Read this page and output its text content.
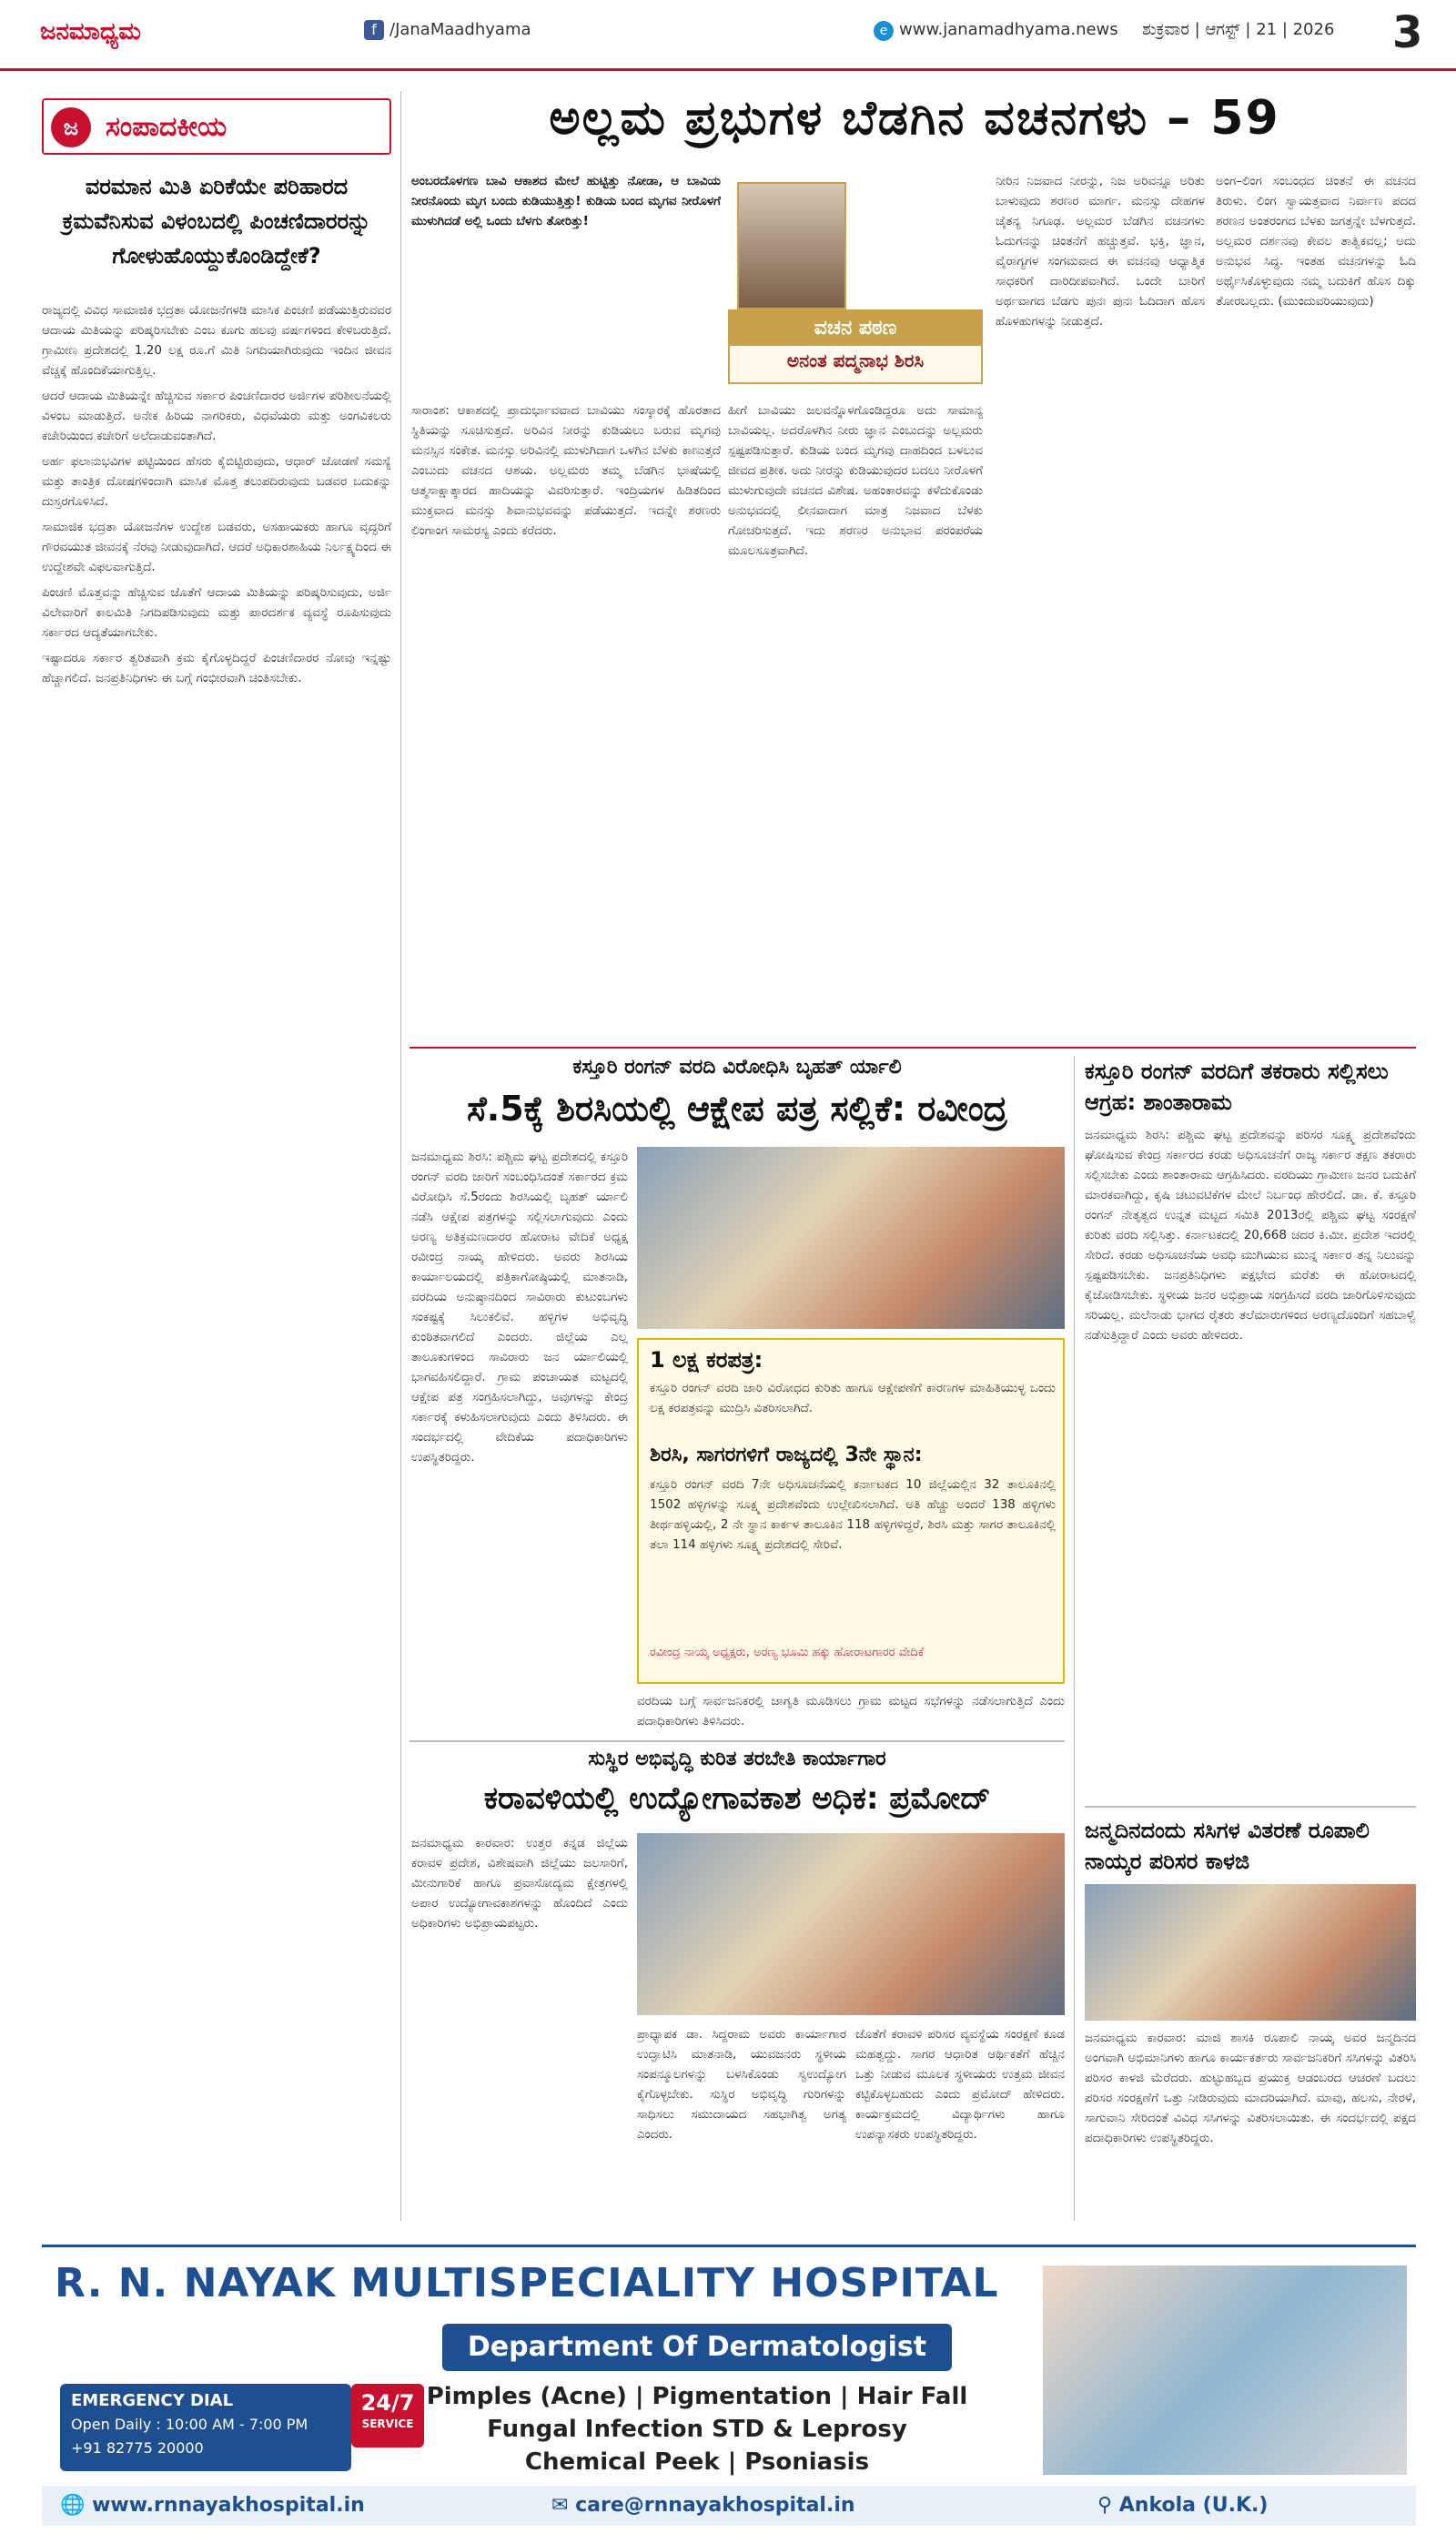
ಜನಮಾಧ್ಯಮ	f /JanaMaadhyama	e www.janamadhyama.news ಶುಕ್ರವಾರ | ಆಗಸ್ಟ್ | 21 | 2026 3
ಜ ಸಂಪಾದಕೀಯ
ವರಮಾನ ಮಿತಿ ಏರಿಕೆಯೇ ಪರಿಹಾರದ ಕ್ರಮವೆನಿಸುವ ವಿಳಂಬದಲ್ಲಿ ಪಿಂಚಣಿದಾರರನ್ನು ಗೋಳುಹೊಯ್ದುಕೊಂಡಿದ್ದೇಕೆ?

ರಾಜ್ಯದಲ್ಲಿ ವಿವಿಧ ಸಾಮಾಜಿಕ ಭದ್ರತಾ ಯೋಜನೆಗಳಡಿ ಮಾಸಿಕ ಪಿಂಚಣಿ ಪಡೆಯುತ್ತಿರುವವರ ಆದಾಯ ಮಿತಿಯನ್ನು ಪರಿಷ್ಕರಿಸಬೇಕು ಎಂಬ ಕೂಗು ಹಲವು ವರ್ಷಗಳಿಂದ ಕೇಳಿಬರುತ್ತಿದೆ. ಗ್ರಾಮೀಣ ಪ್ರದೇಶದಲ್ಲಿ 1.20 ಲಕ್ಷ ರೂ.ಗೆ ಮಿತಿ ನಿಗದಿಯಾಗಿರುವುದು ಇಂದಿನ ಜೀವನ ವೆಚ್ಚಕ್ಕೆ ಹೊಂದಿಕೆಯಾಗುತ್ತಿಲ್ಲ.

ಆದರೆ ಆದಾಯ ಮಿತಿಯನ್ನೇ ಹೆಚ್ಚಿಸುವ ಸರ್ಕಾರ ಪಿಂಚಣಿದಾರರ ಅರ್ಜಿಗಳ ಪರಿಶೀಲನೆಯಲ್ಲಿ ವಿಳಂಬ ಮಾಡುತ್ತಿದೆ. ಅನೇಕ ಹಿರಿಯ ನಾಗರಿಕರು, ವಿಧವೆಯರು ಮತ್ತು ಅಂಗವಿಕಲರು ಕಚೇರಿಯಿಂದ ಕಚೇರಿಗೆ ಅಲೆದಾಡುವಂತಾಗಿದೆ.

ಅರ್ಹ ಫಲಾನುಭವಿಗಳ ಪಟ್ಟಿಯಿಂದ ಹೆಸರು ಕೈಬಿಟ್ಟಿರುವುದು, ಆಧಾರ್ ಜೋಡಣೆ ಸಮಸ್ಯೆ ಮತ್ತು ತಾಂತ್ರಿಕ ದೋಷಗಳಿಂದಾಗಿ ಮಾಸಿಕ ಮೊತ್ತ ತಲುಪದಿರುವುದು ಬಡವರ ಬದುಕನ್ನು ದುಸ್ತರಗೊಳಿಸಿದೆ.

ಸಾಮಾಜಿಕ ಭದ್ರತಾ ಯೋಜನೆಗಳ ಉದ್ದೇಶ ಬಡವರು, ಅಸಹಾಯಕರು ಹಾಗೂ ವೃದ್ಧರಿಗೆ ಗೌರವಯುತ ಜೀವನಕ್ಕೆ ನೆರವು ನೀಡುವುದಾಗಿದೆ. ಆದರೆ ಅಧಿಕಾರಶಾಹಿಯ ನಿರ್ಲಕ್ಷ್ಯದಿಂದ ಈ ಉದ್ದೇಶವೇ ವಿಫಲವಾಗುತ್ತಿದೆ.

ಪಿಂಚಣಿ ಮೊತ್ತವನ್ನು ಹೆಚ್ಚಿಸುವ ಜೊತೆಗೆ ಆದಾಯ ಮಿತಿಯನ್ನು ಪರಿಷ್ಕರಿಸುವುದು, ಅರ್ಜಿ ವಿಲೇವಾರಿಗೆ ಕಾಲಮಿತಿ ನಿಗದಿಪಡಿಸುವುದು ಮತ್ತು ಪಾರದರ್ಶಕ ವ್ಯವಸ್ಥೆ ರೂಪಿಸುವುದು ಸರ್ಕಾರದ ಆದ್ಯತೆಯಾಗಬೇಕು.

ಇಷ್ಟಾದರೂ ಸರ್ಕಾರ ತ್ವರಿತವಾಗಿ ಕ್ರಮ ಕೈಗೊಳ್ಳದಿದ್ದರೆ ಪಿಂಚಣಿದಾರರ ನೋವು ಇನ್ನಷ್ಟು ಹೆಚ್ಚಾಗಲಿದೆ. ಜನಪ್ರತಿನಿಧಿಗಳು ಈ ಬಗ್ಗೆ ಗಂಭೀರವಾಗಿ ಚಿಂತಿಸಬೇಕು.

ಅಲ್ಲಮ ಪ್ರಭುಗಳ ಬೆಡಗಿನ ವಚನಗಳು – 59
ಅಂಬರದೊಳಗಣ ಬಾವಿ ಆಕಾಶದ ಮೇಲೆ ಹುಟ್ಟಿತ್ತು ನೋಡಾ, ಆ ಬಾವಿಯ ನೀರನೊಂದು ಮೃಗ ಬಂದು ಕುಡಿಯುತ್ತಿತ್ತು! ಕುಡಿಯ ಬಂದ ಮೃಗವ ನೀರೊಳಗೆ ಮುಳುಗಿದಡೆ ಅಲ್ಲಿ ಒಂದು ಬೆಳಗು ತೋರಿತ್ತು!
ವಚನ ಪಠಣ
ಅನಂತ ಪದ್ಮನಾಭ ಶಿರಸಿ
ಸಾರಾಂಶ: ಆಕಾಶದಲ್ಲಿ ಪ್ರಾದುರ್ಭಾವವಾದ ಬಾವಿಯು ಸಂಸ್ಕಾರಕ್ಕೆ ಹೊರತಾದ ಸ್ಥಿತಿಯನ್ನು ಸೂಚಿಸುತ್ತದೆ. ಅರಿವಿನ ನೀರನ್ನು ಕುಡಿಯಲು ಬರುವ ಮೃಗವು ಮನಸ್ಸಿನ ಸಂಕೇತ. ಮನಸ್ಸು ಅರಿವಿನಲ್ಲಿ ಮುಳುಗಿದಾಗ ಒಳಗಿನ ಬೆಳಕು ಕಾಣುತ್ತದೆ ಎಂಬುದು ವಚನದ ಆಶಯ. ಅಲ್ಲಮರು ತಮ್ಮ ಬೆಡಗಿನ ಭಾಷೆಯಲ್ಲಿ ಆತ್ಮಸಾಕ್ಷಾತ್ಕಾರದ ಹಾದಿಯನ್ನು ವಿವರಿಸುತ್ತಾರೆ. ಇಂದ್ರಿಯಗಳ ಹಿಡಿತದಿಂದ ಮುಕ್ತವಾದ ಮನಸ್ಸು ಶಿವಾನುಭವವನ್ನು ಪಡೆಯುತ್ತದೆ. ಇದನ್ನೇ ಶರಣರು ಲಿಂಗಾಂಗ ಸಾಮರಸ್ಯ ಎಂದು ಕರೆದರು.
ಹೀಗೆ ಬಾವಿಯು ಜಲವನ್ನೊಳಗೊಂಡಿದ್ದರೂ ಅದು ಸಾಮಾನ್ಯ ಬಾವಿಯಲ್ಲ. ಅದರೊಳಗಿನ ನೀರು ಜ್ಞಾನ ಎಂಬುದನ್ನು ಅಲ್ಲಮರು ಸ್ಪಷ್ಟಪಡಿಸುತ್ತಾರೆ. ಕುಡಿಯ ಬಂದ ಮೃಗವು ದಾಹದಿಂದ ಬಳಲುವ ಜೀವದ ಪ್ರತೀಕ. ಅದು ನೀರನ್ನು ಕುಡಿಯುವುದರ ಬದಲು ನೀರೊಳಗೆ ಮುಳುಗುವುದೇ ವಚನದ ವಿಶೇಷ. ಅಹಂಕಾರವನ್ನು ಕಳೆದುಕೊಂಡು ಅನುಭವದಲ್ಲಿ ಲೀನವಾದಾಗ ಮಾತ್ರ ನಿಜವಾದ ಬೆಳಕು ಗೋಚರಿಸುತ್ತದೆ. ಇದು ಶರಣರ ಅನುಭಾವ ಪರಂಪರೆಯ ಮೂಲಸೂತ್ರವಾಗಿದೆ.
ನೀರಿನ ನಿಜವಾದ ನೀರನ್ನು, ನಿಜ ಅರಿವನ್ನೂ ಅರಿತು ಬಾಳುವುದು ಶರಣರ ಮಾರ್ಗ. ಮನಸ್ಸು ದೇಹಗಳ ಚೈತನ್ಯ ನಿಗೂಢ. ಅಲ್ಲಮರ ಬೆಡಗಿನ ವಚನಗಳು ಓದುಗನನ್ನು ಚಿಂತನೆಗೆ ಹಚ್ಚುತ್ತವೆ. ಭಕ್ತಿ, ಜ್ಞಾನ, ವೈರಾಗ್ಯಗಳ ಸಂಗಮವಾದ ಈ ವಚನವು ಆಧ್ಯಾತ್ಮಿಕ ಸಾಧಕರಿಗೆ ದಾರಿದೀಪವಾಗಿದೆ. ಒಂದೇ ಬಾರಿಗೆ ಅರ್ಥವಾಗದ ಬೆಡಗು ಪುನಃ ಪುನಃ ಓದಿದಾಗ ಹೊಸ ಹೊಳಹುಗಳನ್ನು ನೀಡುತ್ತದೆ.
ಅಂಗ–ಲಿಂಗ ಸಂಬಂಧದ ಚಿಂತನೆ ಈ ವಚನದ ತಿರುಳು. ಲಿಂಗ ಸ್ವಾಯತ್ತವಾದ ನಿರ್ವಾಣ ಪದದ ಶರಣನ ಅಂತರಂಗದ ಬೆಳಕು ಜಗತ್ತನ್ನೇ ಬೆಳಗುತ್ತದೆ. ಅಲ್ಲಮರ ದರ್ಶನವು ಕೇವಲ ತಾತ್ವಿಕವಲ್ಲ; ಅದು ಅನುಭವ ಸಿದ್ಧ. ಇಂತಹ ವಚನಗಳನ್ನು ಓದಿ ಅರ್ಥೈಸಿಕೊಳ್ಳುವುದು ನಮ್ಮ ಬದುಕಿಗೆ ಹೊಸ ದಿಕ್ಕು ತೋರಬಲ್ಲದು. (ಮುಂದುವರಿಯುವುದು)
ಕಸ್ತೂರಿ ರಂಗನ್ ವರದಿ ವಿರೋಧಿಸಿ ಬೃಹತ್ ರ್ಯಾಲಿ
ಸೆ.5ಕ್ಕೆ ಶಿರಸಿಯಲ್ಲಿ ಆಕ್ಷೇಪ ಪತ್ರ ಸಲ್ಲಿಕೆ: ರವೀಂದ್ರ
ಜನಮಾಧ್ಯಮ ಶಿರಸಿ: ಪಶ್ಚಿಮ ಘಟ್ಟ ಪ್ರದೇಶದಲ್ಲಿ ಕಸ್ತೂರಿ ರಂಗನ್ ವರದಿ ಜಾರಿಗೆ ಸಂಬಂಧಿಸಿದಂತೆ ಸರ್ಕಾರದ ಕ್ರಮ ವಿರೋಧಿಸಿ ಸೆ.5ರಂದು ಶಿರಸಿಯಲ್ಲಿ ಬೃಹತ್ ರ್ಯಾಲಿ ನಡೆಸಿ ಆಕ್ಷೇಪ ಪತ್ರಗಳನ್ನು ಸಲ್ಲಿಸಲಾಗುವುದು ಎಂದು ಅರಣ್ಯ ಅತಿಕ್ರಮಣದಾರರ ಹೋರಾಟ ವೇದಿಕೆ ಅಧ್ಯಕ್ಷ ರವೀಂದ್ರ ನಾಯ್ಕ ಹೇಳಿದರು. ಅವರು ಶಿರಸಿಯ ಕಾರ್ಯಾಲಯದಲ್ಲಿ ಪತ್ರಿಕಾಗೋಷ್ಠಿಯಲ್ಲಿ ಮಾತನಾಡಿ, ವರದಿಯ ಅನುಷ್ಠಾನದಿಂದ ಸಾವಿರಾರು ಕುಟುಂಬಗಳು ಸಂಕಷ್ಟಕ್ಕೆ ಸಿಲುಕಲಿವೆ. ಹಳ್ಳಿಗಳ ಅಭಿವೃದ್ಧಿ ಕುಂಠಿತವಾಗಲಿದೆ ಎಂದರು. ಜಿಲ್ಲೆಯ ಎಲ್ಲ ತಾಲೂಕುಗಳಿಂದ ಸಾವಿರಾರು ಜನ ರ್ಯಾಲಿಯಲ್ಲಿ ಭಾಗವಹಿಸಲಿದ್ದಾರೆ. ಗ್ರಾಮ ಪಂಚಾಯತ ಮಟ್ಟದಲ್ಲಿ ಆಕ್ಷೇಪ ಪತ್ರ ಸಂಗ್ರಹಿಸಲಾಗಿದ್ದು, ಅವುಗಳನ್ನು ಕೇಂದ್ರ ಸರ್ಕಾರಕ್ಕೆ ಕಳುಹಿಸಲಾಗುವುದು ಎಂದು ತಿಳಿಸಿದರು. ಈ ಸಂದರ್ಭದಲ್ಲಿ ವೇದಿಕೆಯ ಪದಾಧಿಕಾರಿಗಳು ಉಪಸ್ಥಿತರಿದ್ದರು.
1 ಲಕ್ಷ ಕರಪತ್ರ:
ಕಸ್ತೂರಿ ರಂಗನ್ ವರದಿ ಜಾರಿ ವಿರೋಧದ ಕುರಿತು ಹಾಗೂ ಆಕ್ಷೇಪಣೆಗೆ ಕಾರಣಗಳ ಮಾಹಿತಿಯುಳ್ಳ ಒಂದು ಲಕ್ಷ ಕರಪತ್ರವನ್ನು ಮುದ್ರಿಸಿ ವಿತರಿಸಲಾಗಿದೆ.
ಶಿರಸಿ, ಸಾಗರಗಳಿಗೆ ರಾಜ್ಯದಲ್ಲಿ 3ನೇ ಸ್ಥಾನ:
ಕಸ್ತೂರಿ ರಂಗನ್ ವರದಿ 7ನೇ ಅಧಿಸೂಚನೆಯಲ್ಲಿ ಕರ್ನಾಟಕದ 10 ಜಿಲ್ಲೆಯಲ್ಲಿನ 32 ತಾಲೂಕಿನಲ್ಲಿ 1502 ಹಳ್ಳಿಗಳನ್ನು ಸೂಕ್ಷ್ಮ ಪ್ರದೇಶವೆಂದು ಉಲ್ಲೇಖಿಸಲಾಗಿದೆ. ಅತಿ ಹೆಚ್ಚು ಅಂದರೆ 138 ಹಳ್ಳಿಗಳು ತೀರ್ಥಹಳ್ಳಿಯಲ್ಲಿ, 2 ನೇ ಸ್ಥಾನ ಕಾರ್ಕಳ ತಾಲೂಕಿನ 118 ಹಳ್ಳಿಗಳಿದ್ದರೆ, ಶಿರಸಿ ಮತ್ತು ಸಾಗರ ತಾಲೂಕಿನಲ್ಲಿ ತಲಾ 114 ಹಳ್ಳಿಗಳು ಸೂಕ್ಷ್ಮ ಪ್ರದೇಶದಲ್ಲಿ ಸೇರಿವೆ.
ರವೀಂದ್ರ ನಾಯ್ಕ ಅಧ್ಯಕ್ಷರು, ಅರಣ್ಯ ಭೂಮಿ ಹಕ್ಕು ಹೋರಾಟಗಾರರ ವೇದಿಕೆ
ವರದಿಯ ಬಗ್ಗೆ ಸಾರ್ವಜನಿಕರಲ್ಲಿ ಜಾಗೃತಿ ಮೂಡಿಸಲು ಗ್ರಾಮ ಮಟ್ಟದ ಸಭೆಗಳನ್ನು ನಡೆಸಲಾಗುತ್ತಿದೆ ಎಂದು ಪದಾಧಿಕಾರಿಗಳು ತಿಳಿಸಿದರು.
ಸುಸ್ಥಿರ ಅಭಿವೃದ್ಧಿ ಕುರಿತ ತರಬೇತಿ ಕಾರ್ಯಾಗಾರ
ಕರಾವಳಿಯಲ್ಲಿ ಉದ್ಯೋಗಾವಕಾಶ ಅಧಿಕ: ಪ್ರಮೋದ್
ಜನಮಾಧ್ಯಮ ಕಾರವಾರ: ಉತ್ತರ ಕನ್ನಡ ಜಿಲ್ಲೆಯ ಕರಾವಳಿ ಪ್ರದೇಶ, ವಿಶೇಷವಾಗಿ ಜಿಲ್ಲೆಯು ಜಲಸಾರಿಗೆ, ಮೀನುಗಾರಿಕೆ ಹಾಗೂ ಪ್ರವಾಸೋದ್ಯಮ ಕ್ಷೇತ್ರಗಳಲ್ಲಿ ಅಪಾರ ಉದ್ಯೋಗಾವಕಾಶಗಳನ್ನು ಹೊಂದಿದೆ ಎಂದು ಅಧಿಕಾರಿಗಳು ಅಭಿಪ್ರಾಯಪಟ್ಟರು.
ಪ್ರಾಧ್ಯಾಪಕ ಡಾ. ಸಿದ್ದರಾಮ ಅವರು ಕಾರ್ಯಾಗಾರ ಉದ್ಘಾಟಿಸಿ ಮಾತನಾಡಿ, ಯುವಜನರು ಸ್ಥಳೀಯ ಸಂಪನ್ಮೂಲಗಳನ್ನು ಬಳಸಿಕೊಂಡು ಸ್ವಉದ್ಯೋಗ ಕೈಗೊಳ್ಳಬೇಕು. ಸುಸ್ಥಿರ ಅಭಿವೃದ್ಧಿ ಗುರಿಗಳನ್ನು ಸಾಧಿಸಲು ಸಮುದಾಯದ ಸಹಭಾಗಿತ್ವ ಅಗತ್ಯ ಎಂದರು.
ಜೊತೆಗೆ ಕರಾವಳಿ ಪರಿಸರ ವ್ಯವಸ್ಥೆಯ ಸಂರಕ್ಷಣೆ ಕೂಡ ಮಹತ್ವದ್ದು. ಸಾಗರ ಆಧಾರಿತ ಆರ್ಥಿಕತೆಗೆ ಹೆಚ್ಚಿನ ಒತ್ತು ನೀಡುವ ಮೂಲಕ ಸ್ಥಳೀಯರು ಉತ್ತಮ ಜೀವನ ಕಟ್ಟಿಕೊಳ್ಳಬಹುದು ಎಂದು ಪ್ರಮೋದ್ ಹೇಳಿದರು. ಕಾರ್ಯಕ್ರಮದಲ್ಲಿ ವಿದ್ಯಾರ್ಥಿಗಳು ಹಾಗೂ ಉಪನ್ಯಾಸಕರು ಉಪಸ್ಥಿತರಿದ್ದರು.
ಕಸ್ತೂರಿ ರಂಗನ್ ವರದಿಗೆ ತಕರಾರು ಸಲ್ಲಿಸಲು ಆಗ್ರಹ: ಶಾಂತಾರಾಮ
ಜನಮಾಧ್ಯಮ ಶಿರಸಿ: ಪಶ್ಚಿಮ ಘಟ್ಟ ಪ್ರದೇಶವನ್ನು ಪರಿಸರ ಸೂಕ್ಷ್ಮ ಪ್ರದೇಶವೆಂದು ಘೋಷಿಸುವ ಕೇಂದ್ರ ಸರ್ಕಾರದ ಕರಡು ಅಧಿಸೂಚನೆಗೆ ರಾಜ್ಯ ಸರ್ಕಾರ ತಕ್ಷಣ ತಕರಾರು ಸಲ್ಲಿಸಬೇಕು ಎಂದು ಶಾಂತಾರಾಮ ಆಗ್ರಹಿಸಿದರು. ವರದಿಯು ಗ್ರಾಮೀಣ ಜನರ ಬದುಕಿಗೆ ಮಾರಕವಾಗಿದ್ದು, ಕೃಷಿ ಚಟುವಟಿಕೆಗಳ ಮೇಲೆ ನಿರ್ಬಂಧ ಹೇರಲಿದೆ. ಡಾ. ಕೆ. ಕಸ್ತೂರಿ ರಂಗನ್ ನೇತೃತ್ವದ ಉನ್ನತ ಮಟ್ಟದ ಸಮಿತಿ 2013ರಲ್ಲಿ ಪಶ್ಚಿಮ ಘಟ್ಟ ಸಂರಕ್ಷಣೆ ಕುರಿತು ವರದಿ ಸಲ್ಲಿಸಿತ್ತು. ಕರ್ನಾಟಕದಲ್ಲಿ 20,668 ಚದರ ಕಿ.ಮೀ. ಪ್ರದೇಶ ಇದರಲ್ಲಿ ಸೇರಿದೆ. ಕರಡು ಅಧಿಸೂಚನೆಯ ಅವಧಿ ಮುಗಿಯುವ ಮುನ್ನ ಸರ್ಕಾರ ತನ್ನ ನಿಲುವನ್ನು ಸ್ಪಷ್ಟಪಡಿಸಬೇಕು. ಜನಪ್ರತಿನಿಧಿಗಳು ಪಕ್ಷಭೇದ ಮರೆತು ಈ ಹೋರಾಟದಲ್ಲಿ ಕೈಜೋಡಿಸಬೇಕು. ಸ್ಥಳೀಯ ಜನರ ಅಭಿಪ್ರಾಯ ಸಂಗ್ರಹಿಸದೆ ವರದಿ ಜಾರಿಗೊಳಿಸುವುದು ಸರಿಯಲ್ಲ. ಮಲೆನಾಡು ಭಾಗದ ರೈತರು ತಲೆಮಾರುಗಳಿಂದ ಅರಣ್ಯದೊಂದಿಗೆ ಸಹಬಾಳ್ವೆ ನಡೆಸುತ್ತಿದ್ದಾರೆ ಎಂದು ಅವರು ಹೇಳಿದರು.
ಜನ್ಮದಿನದಂದು ಸಸಿಗಳ ವಿತರಣೆ ರೂಪಾಲಿ ನಾಯ್ಕರ ಪರಿಸರ ಕಾಳಜಿ
ಜನಮಾಧ್ಯಮ ಕಾರವಾರ: ಮಾಜಿ ಶಾಸಕಿ ರೂಪಾಲಿ ನಾಯ್ಕ ಅವರ ಜನ್ಮದಿನದ ಅಂಗವಾಗಿ ಅಭಿಮಾನಿಗಳು ಹಾಗೂ ಕಾರ್ಯಕರ್ತರು ಸಾರ್ವಜನಿಕರಿಗೆ ಸಸಿಗಳನ್ನು ವಿತರಿಸಿ ಪರಿಸರ ಕಾಳಜಿ ಮೆರೆದರು. ಹುಟ್ಟುಹಬ್ಬದ ಪ್ರಯುಕ್ತ ಆಡಂಬರದ ಆಚರಣೆ ಬದಲು ಪರಿಸರ ಸಂರಕ್ಷಣೆಗೆ ಒತ್ತು ನೀಡಿರುವುದು ಮಾದರಿಯಾಗಿದೆ. ಮಾವು, ಹಲಸು, ನೇರಳೆ, ಸಾಗುವಾನಿ ಸೇರಿದಂತೆ ವಿವಿಧ ಸಸಿಗಳನ್ನು ವಿತರಿಸಲಾಯಿತು. ಈ ಸಂದರ್ಭದಲ್ಲಿ ಪಕ್ಷದ ಪದಾಧಿಕಾರಿಗಳು ಉಪಸ್ಥಿತರಿದ್ದರು.
R. N. NAYAK MULTISPECIALITY HOSPITAL
Department Of Dermatologist
Pimples (Acne) | Pigmentation | Hair Fall
Fungal Infection STD & Leprosy
Chemical Peek | Psoniasis
EMERGENCY DIAL
Open Daily : 10:00 AM - 7:00 PM
+91 82775 20000
24/7
SERVICE
🌐 www.rnnayakhospital.in	✉ care@rnnayakhospital.in	⚲ Ankola (U.K.)
